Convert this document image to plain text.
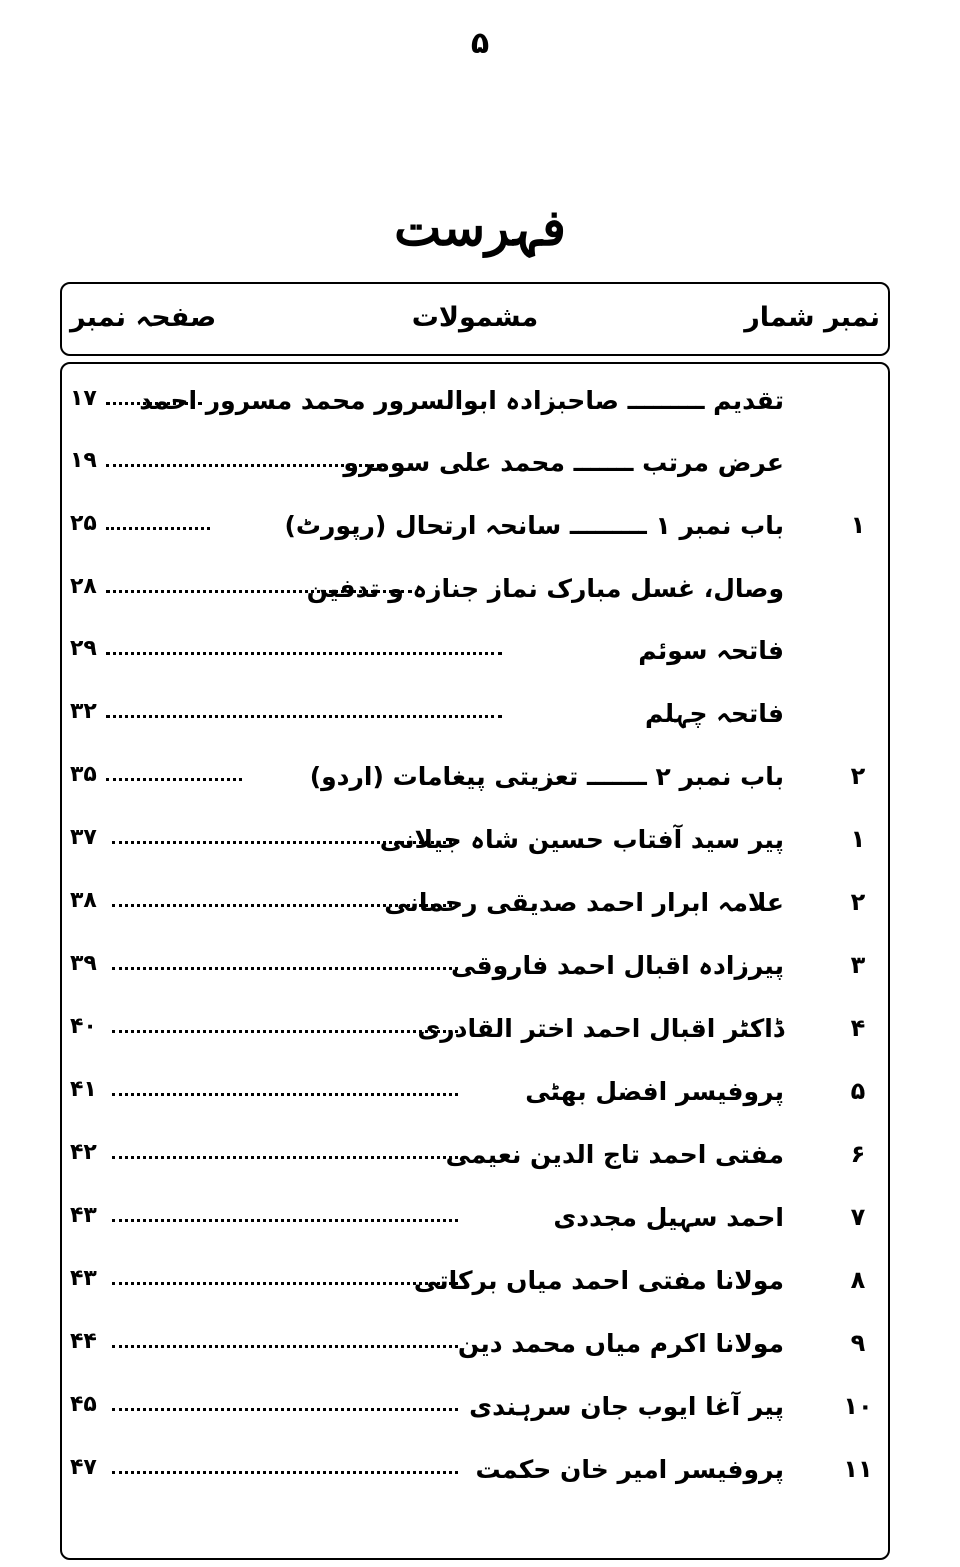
۵
فہرست
نمبر شمار
مشمولات
صفحہ نمبر
تقدیم ـــــــــ صاحبزادہ ابوالسرور محمد مسرور احمد
۱۷
عرض مرتب ـــــــ محمد علی سومرو
۱۹
۱
باب نمبر ۱ ـــــــــ سانحہ ارتحال (رپورٹ)
۲۵
وصال، غسل مبارک نماز جنازہ و تدفین
۲۸
فاتحہ سوئم
۲۹
فاتحہ چہلم
۳۲
۲
باب نمبر ۲ ـــــــ تعزیتی پیغامات (اردو)
۳۵
۱
پیر سید آفتاب حسین شاہ جیلانی
۳۷
۲
علامہ ابرار احمد صدیقی رحمانی
۳۸
۳
پیرزادہ اقبال احمد فاروقی
۳۹
۴
ڈاکٹر اقبال احمد اختر القادری
۴۰
۵
پروفیسر افضل بھٹی
۴۱
۶
مفتی احمد تاج الدین نعیمی
۴۲
۷
احمد سہیل مجددی
۴۳
۸
مولانا مفتی احمد میاں برکاتی
۴۳
۹
مولانا اکرم میاں محمد دین
۴۴
۱۰
پیر آغا ایوب جان سرہندی
۴۵
۱۱
پروفیسر امیر خان حکمت
۴۷
